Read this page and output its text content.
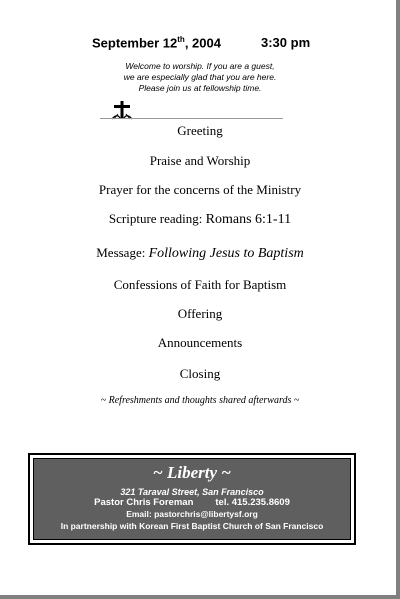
September 12th, 2004	3:30 pm
Welcome to worship. If you are a guest,
we are especially glad that you are here.
Please join us at fellowship time.
Greeting
Praise and Worship
Prayer for the concerns of the Ministry
Scripture reading: Romans 6:1-11
Message: Following Jesus to Baptism
Confessions of Faith for Baptism
Offering
Announcements
Closing
~ Refreshments and thoughts shared afterwards ~
~ Liberty ~
321 Taraval Street, San Francisco
Pastor Chris Foreman tel. 415.235.8609
Email: pastorchris@libertysf.org
In partnership with Korean First Baptist Church of San Francisco
